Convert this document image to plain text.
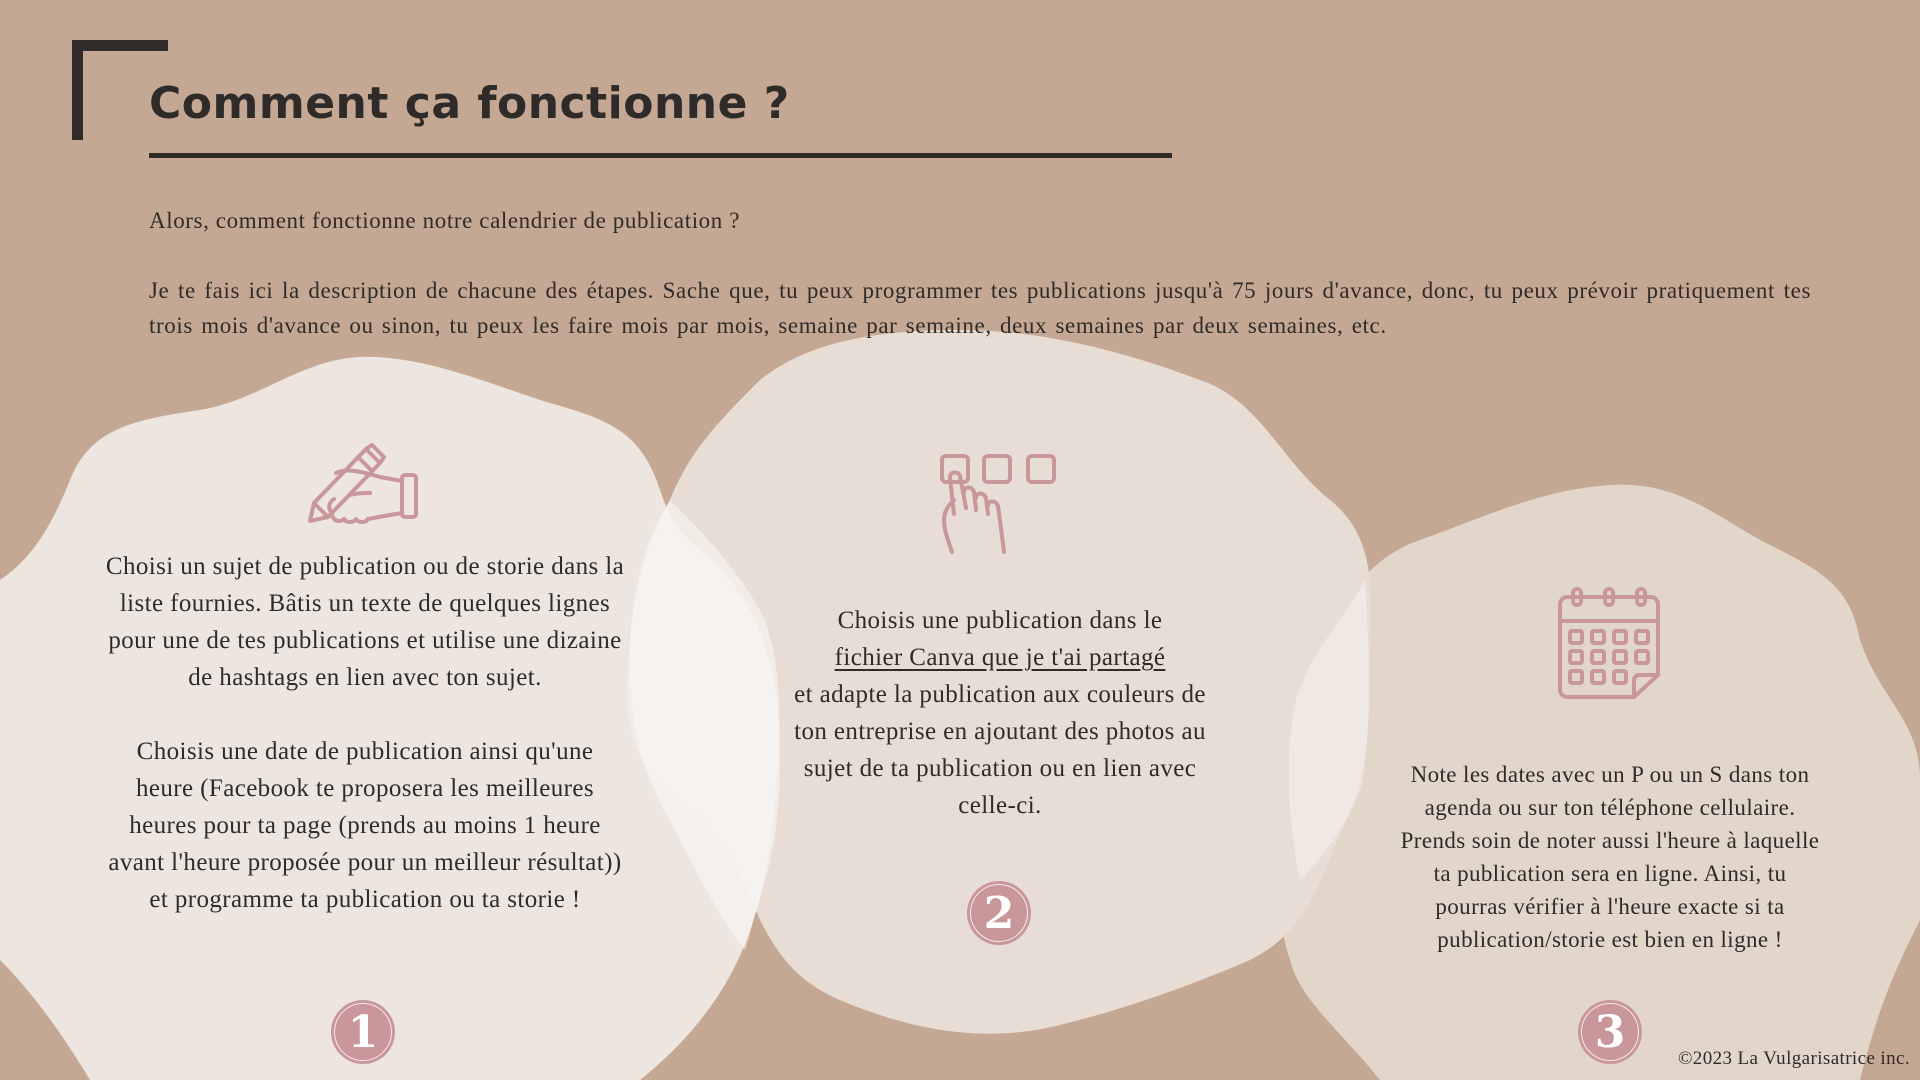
Comment ça fonctionne ?

Alors, comment fonctionne notre calendrier de publication ?

Je te fais ici la description de chacune des étapes. Sache que, tu peux programmer tes publications jusqu'à 75 jours d'avance, donc, tu peux prévoir pratiquement tes trois mois d'avance ou sinon, tu peux les faire mois par mois, semaine par semaine, deux semaines par deux semaines, etc.

Choisi un sujet de publication ou de storie dans la liste fournies. Bâtis un texte de quelques lignes pour une de tes publications et utilise une dizaine de hashtags en lien avec ton sujet.

Choisis une date de publication ainsi qu'une heure (Facebook te proposera les meilleures heures pour ta page (prends au moins 1 heure avant l'heure proposée pour un meilleur résultat)) et programme ta publication ou ta storie !

1

Choisis une publication dans le
fichier Canva que je t'ai partagé
et adapte la publication aux couleurs de ton entreprise en ajoutant des photos au sujet de ta publication ou en lien avec celle-ci.

2

Note les dates avec un P ou un S dans ton agenda ou sur ton téléphone cellulaire. Prends soin de noter aussi l'heure à laquelle ta publication sera en ligne. Ainsi, tu pourras vérifier à l'heure exacte si ta publication/storie est bien en ligne !

3
©2023 La Vulgarisatrice inc.
